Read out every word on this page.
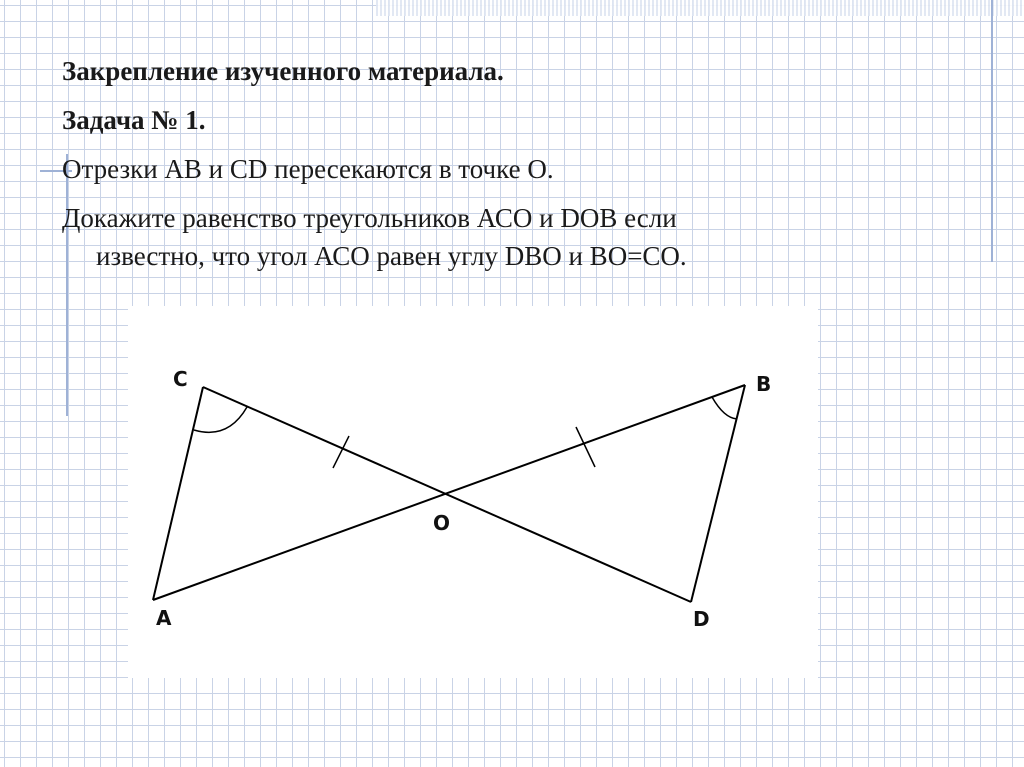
Закрепление изученного материала.
Задача № 1.
Отрезки АВ и CD пересекаются в точке О.
Докажите равенство треугольников АСО и DOB если
известно, что угол АСО равен углу DBO и ВО=СО.
C	B
O
A	D
